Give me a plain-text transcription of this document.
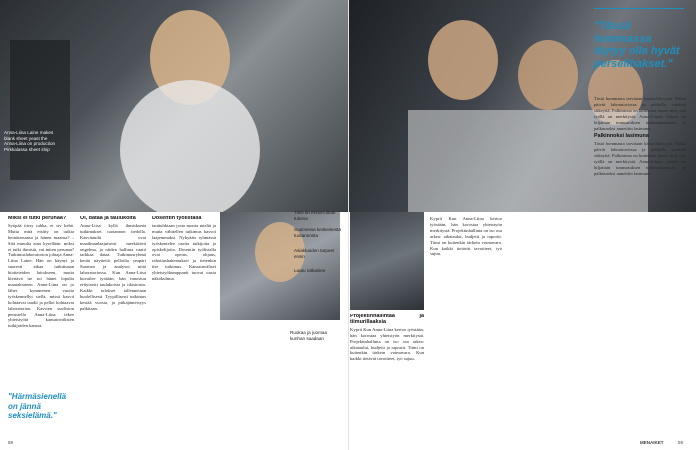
Anna-Liina Laine makes blank sheet yeast the Anna-Liina on production Pirkkalassa sheet ship
Tiimi on Anna-Liinan tukena
Suomessa keskeisestä tuotannosta
Asiakkaiden tarpeet ensin
Laatu ratkaisee
Ruokaa ja juomaa kunhan saadaan
Miksi ei tutki perunaa?

Syöpää tiirsy tuhka, ei siv kehä. Mutta mitä etsitty on tutkia heinäratsansa ja hänen maansa? – Sitä minulta aina kysellään: miksi et tutki ihmisiä, vai miten perunaa? Tutkimuslaboratorion johtaja Anna-Liina Laine. Hän on käynyt ja suuresti aikaa tutkittuaan biotieteiden laitokseen, mutta kiertävä tie toi hänet lopulta maatalouteen. Anna-Liina on jo lähes kymmenen vuotta työskennellyt siellä, missä kasvit kohtaavat taudit ja pellot kohtaavat laboratorion. Kasvien suoliston perustella Anna-Liina tekee yhteistyötä kansainvälisten tutkijoiden kanssa.

"Härmäsienellä on jännä seksielämä."
Oi, dataa ja taulukoita

Anna-Liisa kyllä ihmiskunta tutkimukset tuotannon tiedolla. Kasvitaudit ovat maailmanlaajuisesti merkittävä ongelma, ja niiden hallinta vaatii tarkkaa dataa. Tutkimusryhmä kerää näytteitä pelloilta ympäri Suomea ja analysoi niitä laboratoriossa. Kun Anna-Liisa kuvailee työtään, hän innostuu erityisesti taulukoista ja tilastoista. Kaikki tulokset tallennetaan huolellisesti. Tyypillisesti tutkimus kestää vuosia, ja pitkäjänteisyys palkitaan.

Dosentin työlistalla

tautiuhkiaan josta monta mieltä ja mutta vähitellen tutkimus kasvoi laajemmaksi. Nykyään ryhmässä työskentelee useita tutkijoita ja opiskelijoita. Dosentin työlistalla ovat opetus, ohjaus, rahoitushakemukset ja tietenkin itse tutkimus. Kansainväliset yhteistyökumppanit tuovat uusia näkökulmia.

Projektinhallintaa ja tiimurillaaksia

Kyprit Kun Anna-Liina kertoo työstään, hän korostaa yhteistyön merkitystä. Projektinhallinta on iso osa arkea: aikataulut, budjetit ja raportit. Tiimi on kuitenkin tärkein voimavara. Kun kaikki tietävät tavoitteet, työ sujuu.

Kyprit Kun Anna-Liina kertoo työstään, hän korostaa yhteistyön merkitystä. Projektinhallinta on iso osa arkea: aikataulut, budjetit ja raportit. Tiimi on kuitenkin tärkein voimavara. Kun kaikki tietävät tavoitteet, työ sujuu.

"Tässä hommassa täytyy olla hyvät perselihakset."

Tästä hommasta tarvitaan kärsivällisyyttä. Pitkät päivät laboratoriossa ja pelloilla vaativat sitkeyttä. Palkintona on kuitenkin tunne siitä, että työllä on merkitystä. Anna-Liinan ryhmä sai hiljattain tunnustuksen tutkimuksestaan, ja palkinnoksi annettiin lasimuna.

Palkinnoksi lasimuna

Tästä hommasta tarvitaan kärsivällisyyttä. Pitkät päivät laboratoriossa ja pelloilla vaativat sitkeyttä. Palkintona on kuitenkin tunne siitä, että työllä on merkitystä. Anna-Liinan ryhmä sai hiljattain tunnustuksen tutkimuksestaan, ja palkinnoksi annettiin lasimuna.

58	MENAIKET	59
